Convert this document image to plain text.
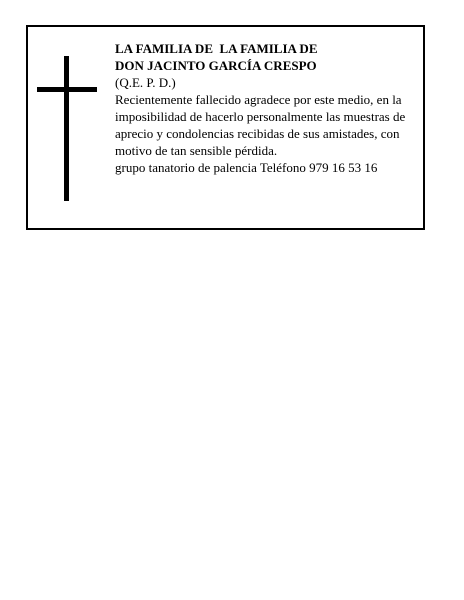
LA FAMILIA DE  LA FAMILIA DE
DON JACINTO GARCÍA CRESPO
(Q.E. P. D.)
Recientemente fallecido agradece por este medio, en la imposibilidad de hacerlo personalmente las muestras de aprecio y condolencias recibidas de sus amistades, con motivo de tan sensible pérdida.
grupo tanatorio de palencia Teléfono 979 16 53 16
